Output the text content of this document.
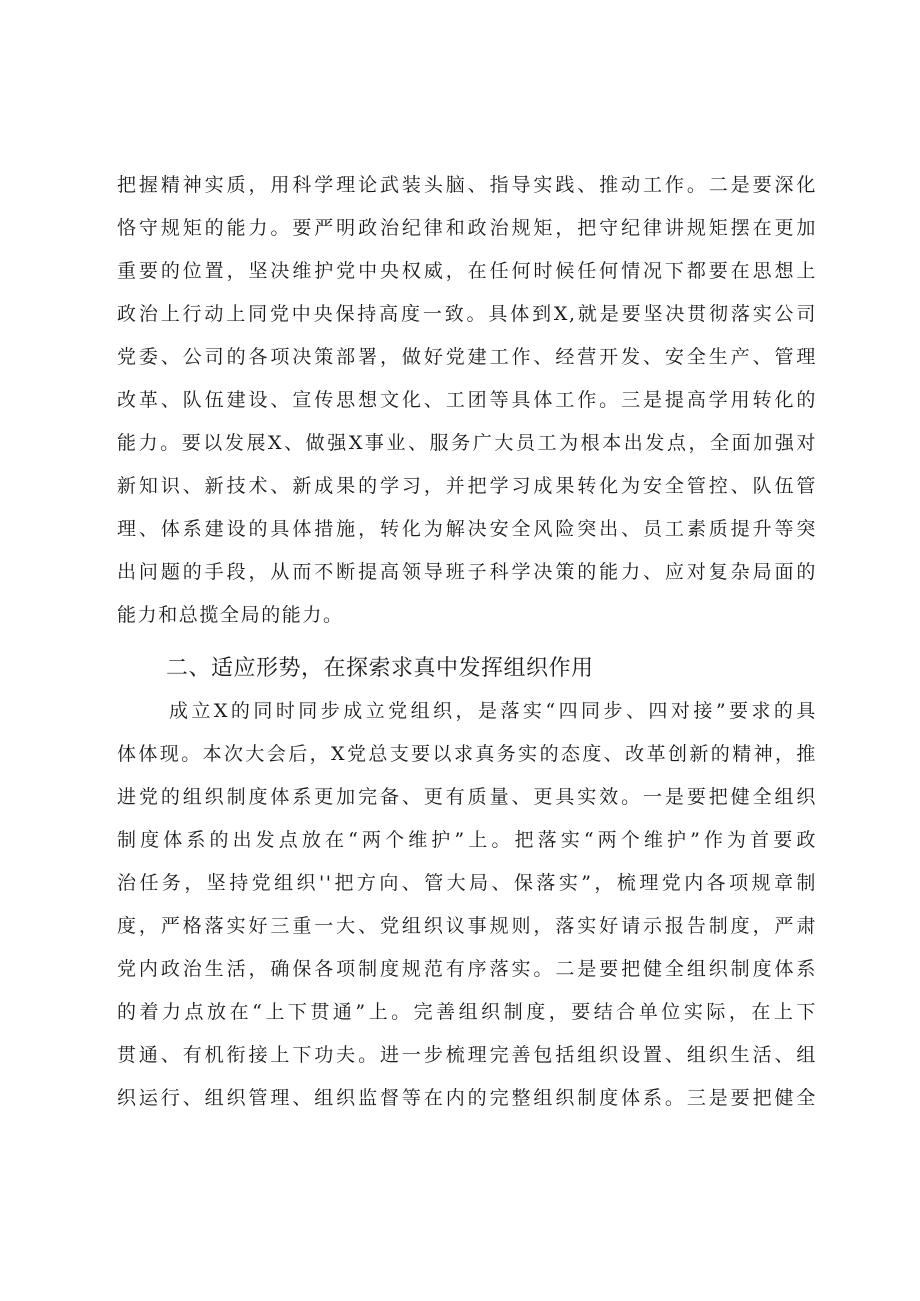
把握精神实质，用科学理论武装头脑、指导实践、推动工作。二是要深化
恪守规矩的能力。要严明政治纪律和政治规矩，把守纪律讲规矩摆在更加
重要的位置，坚决维护党中央权威，在任何时候任何情况下都要在思想上
政治上行动上同党中央保持高度一致。具体到X,就是要坚决贯彻落实公司
党委、公司的各项决策部署，做好党建工作、经营开发、安全生产、管理
改革、队伍建设、宣传思想文化、工团等具体工作。三是提高学用转化的
能力。要以发展X、做强X事业、服务广大员工为根本出发点，全面加强对
新知识、新技术、新成果的学习，并把学习成果转化为安全管控、队伍管
理、体系建设的具体措施，转化为解决安全风险突出、员工素质提升等突
出问题的手段，从而不断提高领导班子科学决策的能力、应对复杂局面的
能力和总揽全局的能力。
二、适应形势，在探索求真中发挥组织作用
成立X的同时同步成立党组织，是落实“四同步、四对接”要求的具
体体现。本次大会后，X党总支要以求真务实的态度、改革创新的精神，推
进党的组织制度体系更加完备、更有质量、更具实效。一是要把健全组织
制度体系的出发点放在“两个维护”上。把落实“两个维护”作为首要政
治任务，坚持党组织''把方向、管大局、保落实”，梳理党内各项规章制
度，严格落实好三重一大、党组织议事规则，落实好请示报告制度，严肃
党内政治生活，确保各项制度规范有序落实。二是要把健全组织制度体系
的着力点放在“上下贯通”上。完善组织制度，要结合单位实际，在上下
贯通、有机衔接上下功夫。进一步梳理完善包括组织设置、组织生活、组
织运行、组织管理、组织监督等在内的完整组织制度体系。三是要把健全
